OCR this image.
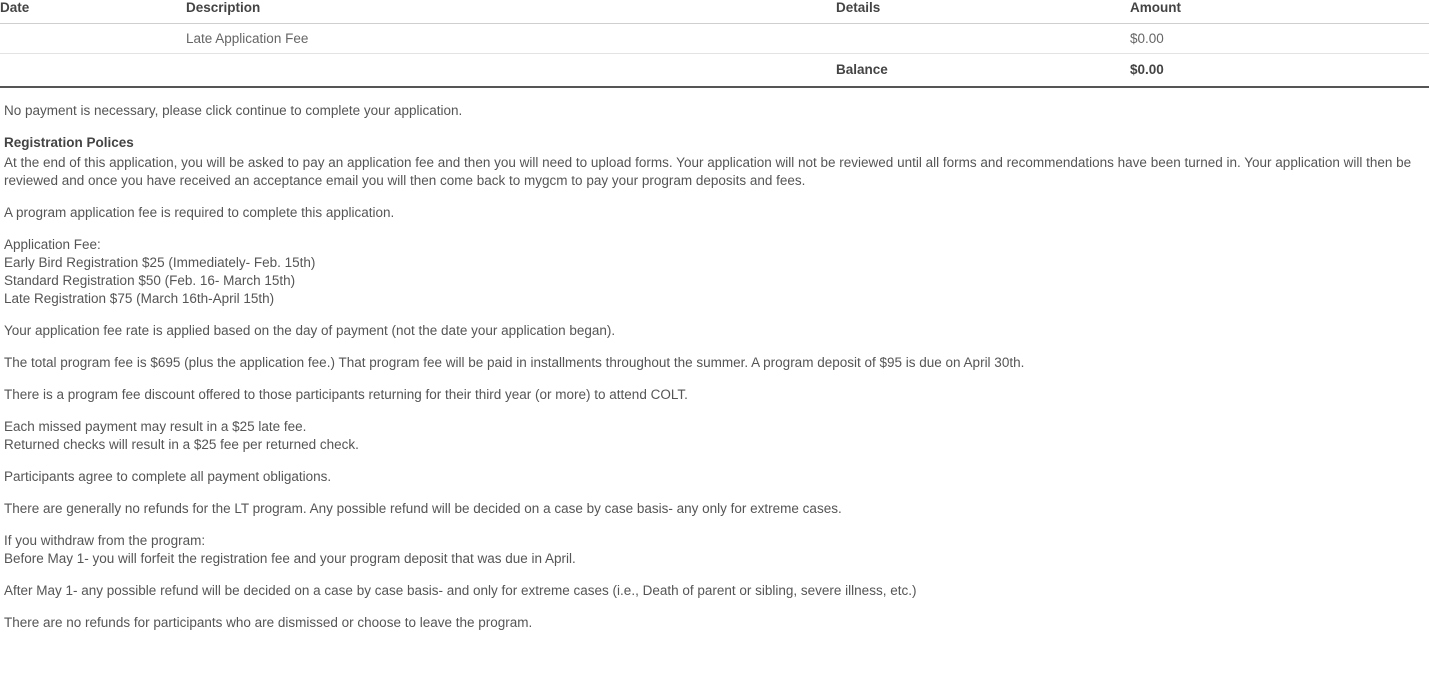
Date	Description	Details	Amount
	Late Application Fee		$0.00
		Balance	$0.00

No payment is necessary, please click continue to complete your application.

Registration Polices

At the end of this application, you will be asked to pay an application fee and then you will need to upload forms. Your application will not be reviewed until all forms and recommendations have been turned in. Your application will then be reviewed and once you have received an acceptance email you will then come back to mygcm to pay your program deposits and fees.

A program application fee is required to complete this application.

Application Fee:

Early Bird Registration $25 (Immediately- Feb. 15th)

Standard Registration $50 (Feb. 16- March 15th)

Late Registration $75 (March 16th-April 15th)

Your application fee rate is applied based on the day of payment (not the date your application began).

The total program fee is $695 (plus the application fee.) That program fee will be paid in installments throughout the summer. A program deposit of $95 is due on April 30th.

There is a program fee discount offered to those participants returning for their third year (or more) to attend COLT.

Each missed payment may result in a $25 late fee.

Returned checks will result in a $25 fee per returned check.

Participants agree to complete all payment obligations.

There are generally no refunds for the LT program. Any possible refund will be decided on a case by case basis- any only for extreme cases.

If you withdraw from the program:

Before May 1- you will forfeit the registration fee and your program deposit that was due in April.

After May 1- any possible refund will be decided on a case by case basis- and only for extreme cases (i.e., Death of parent or sibling, severe illness, etc.)

There are no refunds for participants who are dismissed or choose to leave the program.
